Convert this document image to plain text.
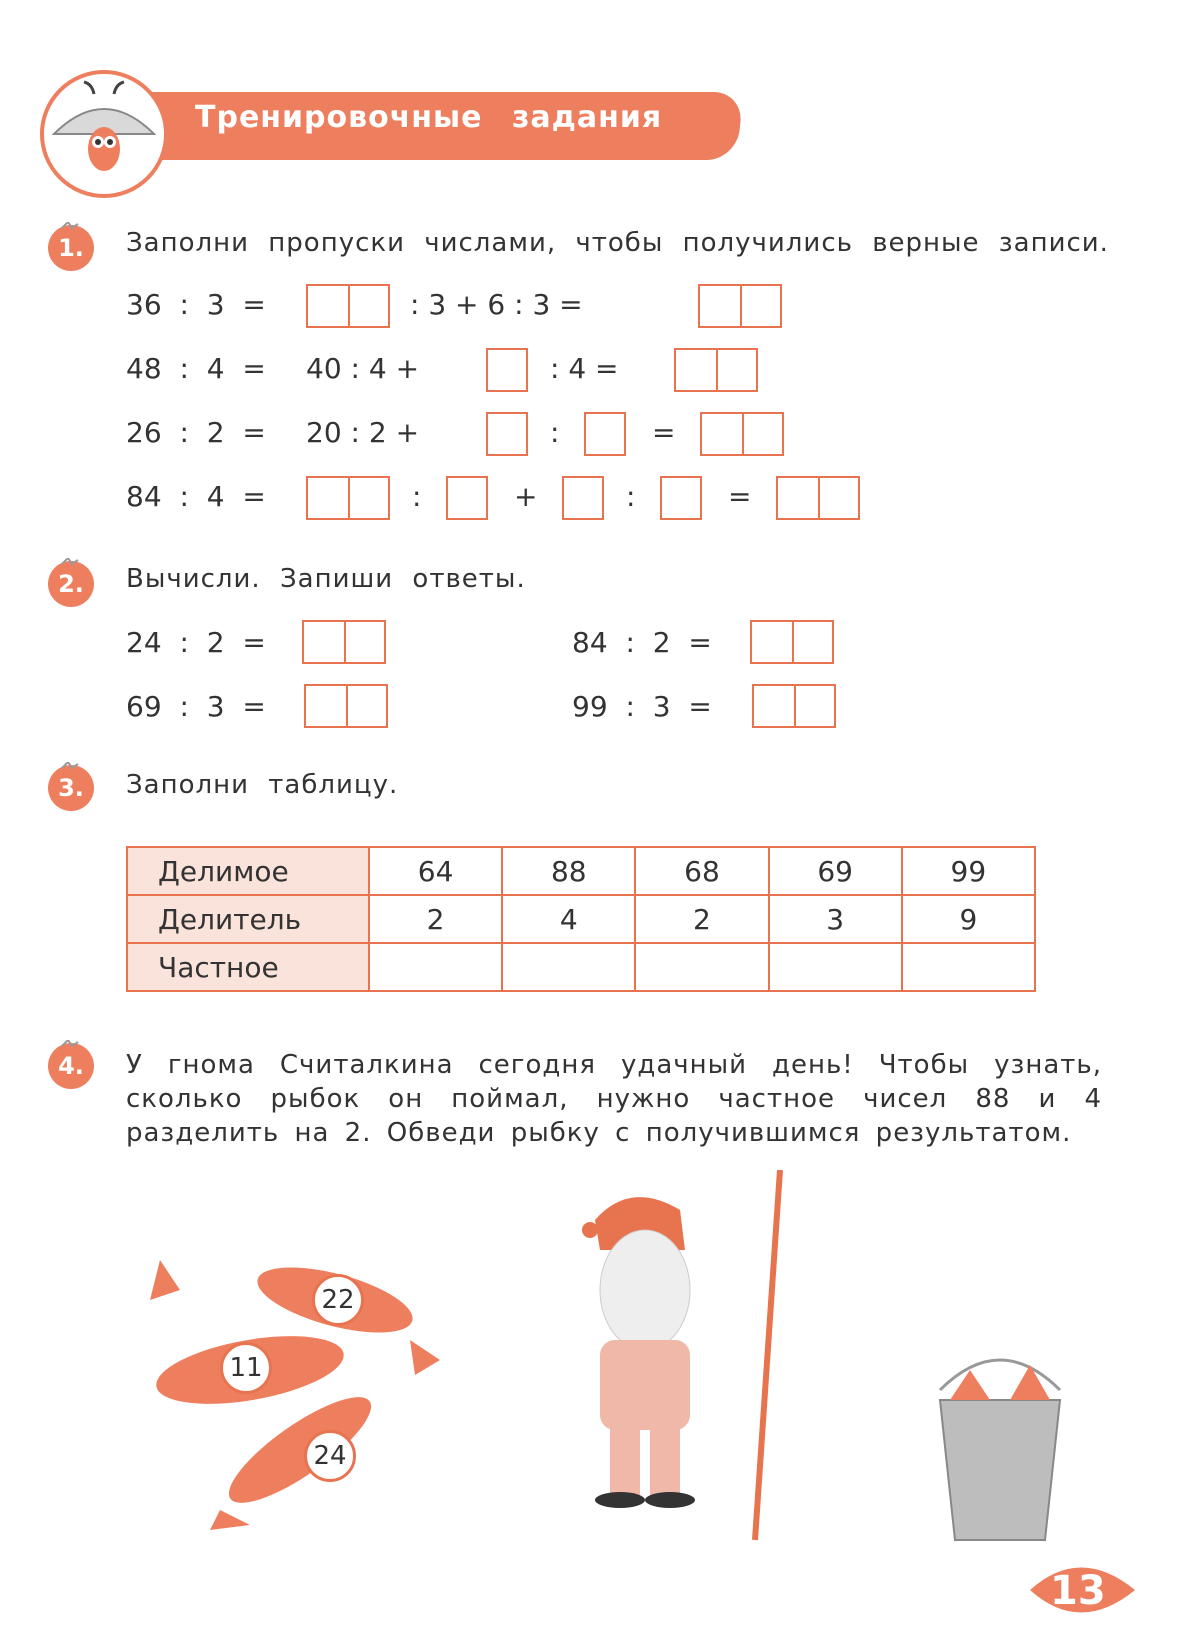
Тренировочные задания
1.	Заполни пропуски числами, чтобы получились верные записи.
36  :  3  =	: 3 + 6 : 3 =
48  :  4  = 40 : 4 +	: 4 =
26  :  2  = 20 : 2 +	:	=
84  :  4  =	:	+	:	=
2.	Вычисли. Запиши ответы.
24  :  2  =	84  :  2  =
69  :  3  =	99  :  3  =
3.	Заполни таблицу.
Делимое	64	88	68	69	99
Делитель	2	4	2	3	9
Частное					
4.	У гнома Считалкина сегодня удачный день! Чтобы узнать, сколько рыбок он поймал, нужно частное чисел 88 и 4 разделить на 2. Обведи рыбку с получившимся результатом.
22
11
24
13
